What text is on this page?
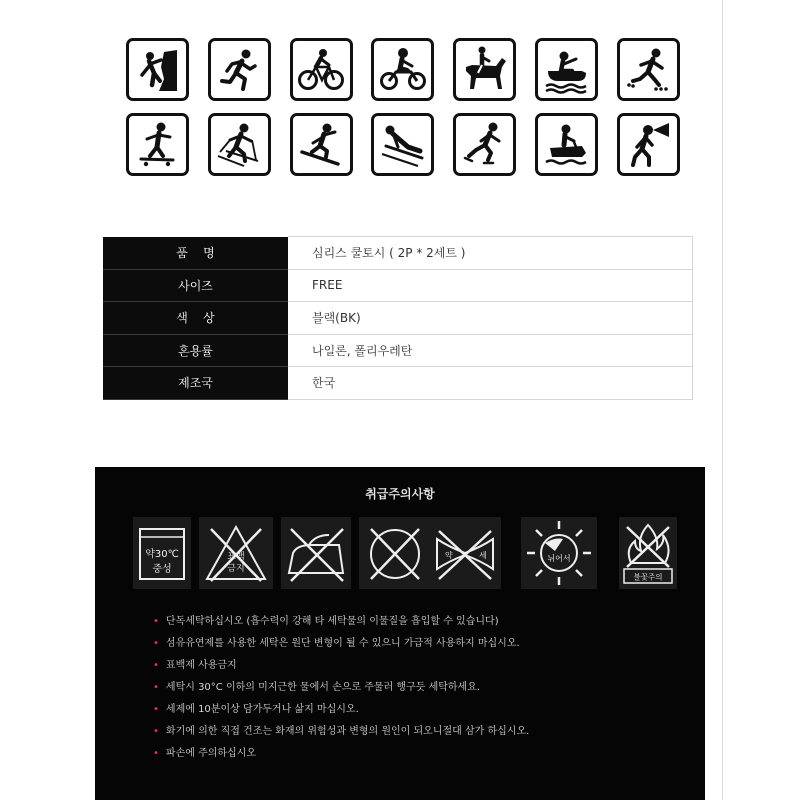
품    명	심리스 쿨토시 ( 2P * 2세트 )
사이즈	FREE
색    상	블랙(BK)
혼용률	나일론, 폴리우레탄
제조국	한국
취급주의사항
약30℃
중성
표백
금지
약	세	뉘어서
불꽃주의
• 단독세탁하십시오 (흡수력이 강해 타 세탁물의 이물질을 흡입할 수 있습니다)
• 섬유유연제를 사용한 세탁은 원단 변형이 될 수 있으니 가급적 사용하지 마십시오.
• 표백제 사용금지
• 세탁시 30°C 이하의 미지근한 물에서 손으로 주물러 행구듯 세탁하세요.
• 세제에 10분이상 담가두거나 삶지 마십시오.
• 화기에 의한 직접 건조는 화재의 위험성과 변형의 원인이 되오니절대 삼가 하십시오.
• 파손에 주의하십시오
